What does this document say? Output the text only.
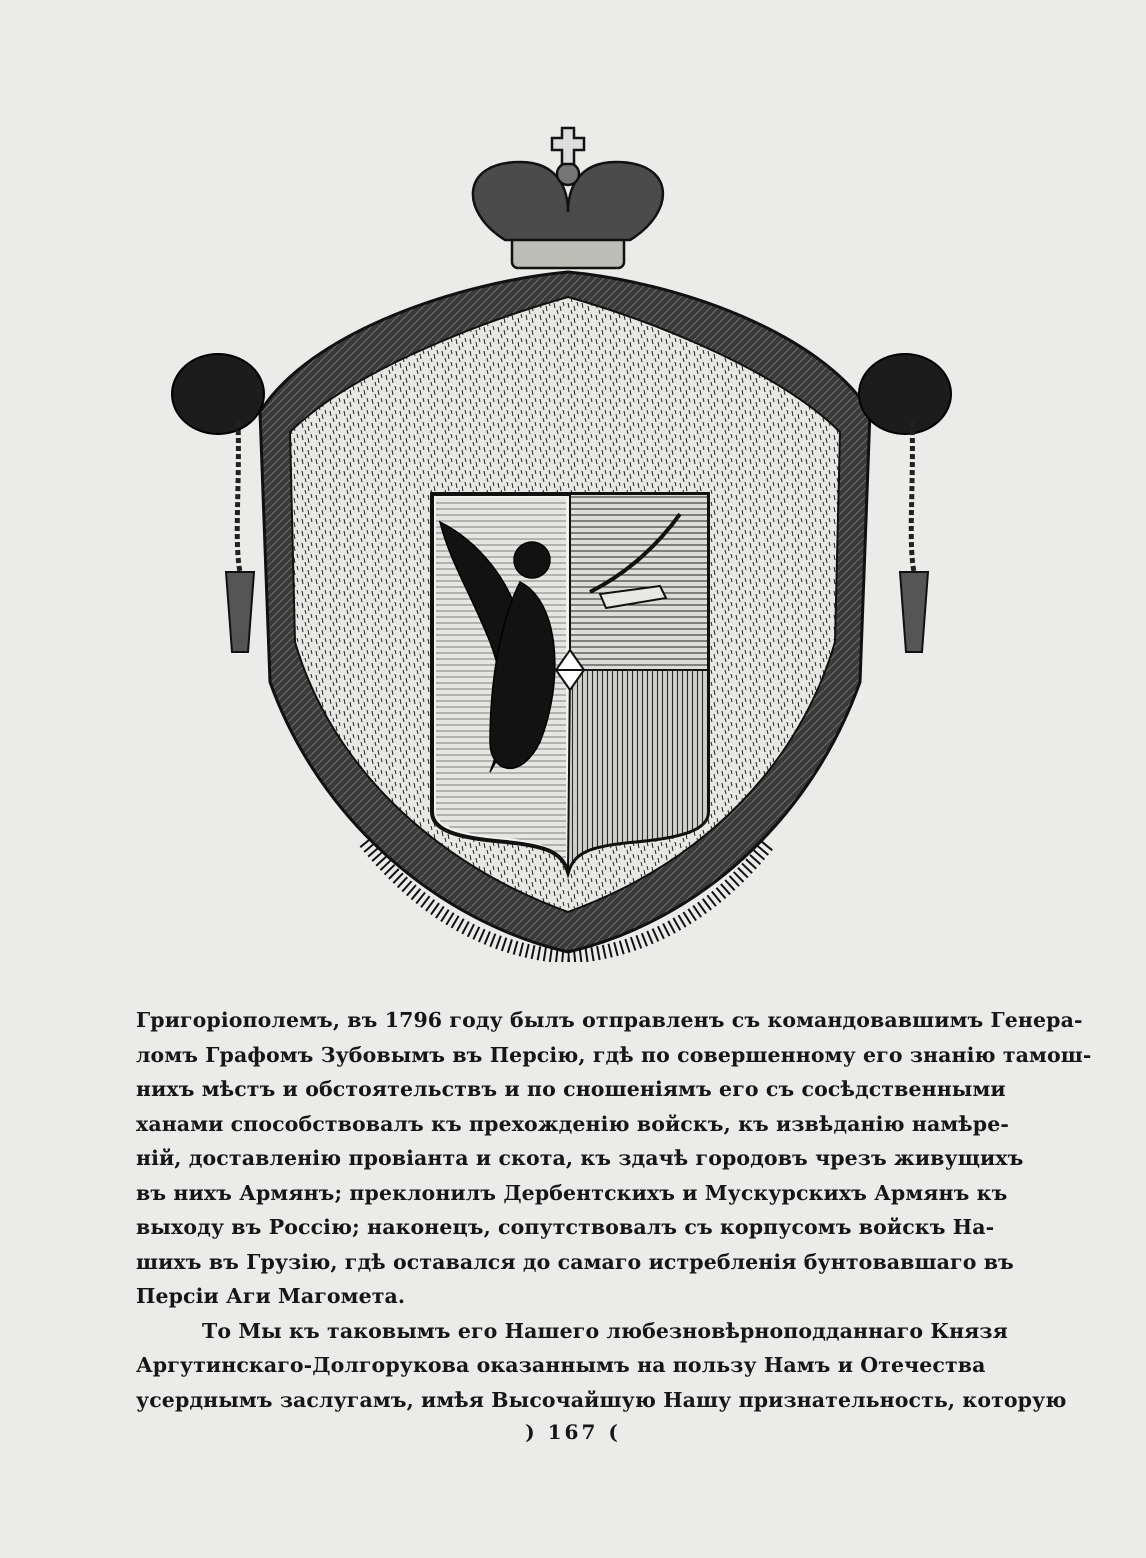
Григоріополемъ, въ 1796 году былъ отправленъ съ командовавшимъ Генера-
ломъ Графомъ Зубовымъ въ Персію, гдѣ по совершенному его знанію тамош-
нихъ мѣстъ и обстоятельствъ и по сношеніямъ его съ сосѣдственными
ханами способствовалъ къ прехожденію войскъ, къ извѣданію намѣре-
ній, доставленію провіанта и скота, къ здачѣ городовъ чрезъ живущихъ
въ нихъ Армянъ; преклонилъ Дербентскихъ и Мускурскихъ Армянъ къ
выходу въ Россію; наконецъ, сопутствовалъ съ корпусомъ войскъ На-
шихъ въ Грузію, гдѣ оставался до самаго истребленія бунтовавшаго въ
Персіи Аги Магомета.
То Мы къ таковымъ его Нашего любезновѣрноподданнаго Князя
Аргутинскаго-Долгорукова оказаннымъ на пользу Намъ и Отечества
усерднымъ заслугамъ, имѣя Высочайшую Нашу признательность, которую
) 167 (
